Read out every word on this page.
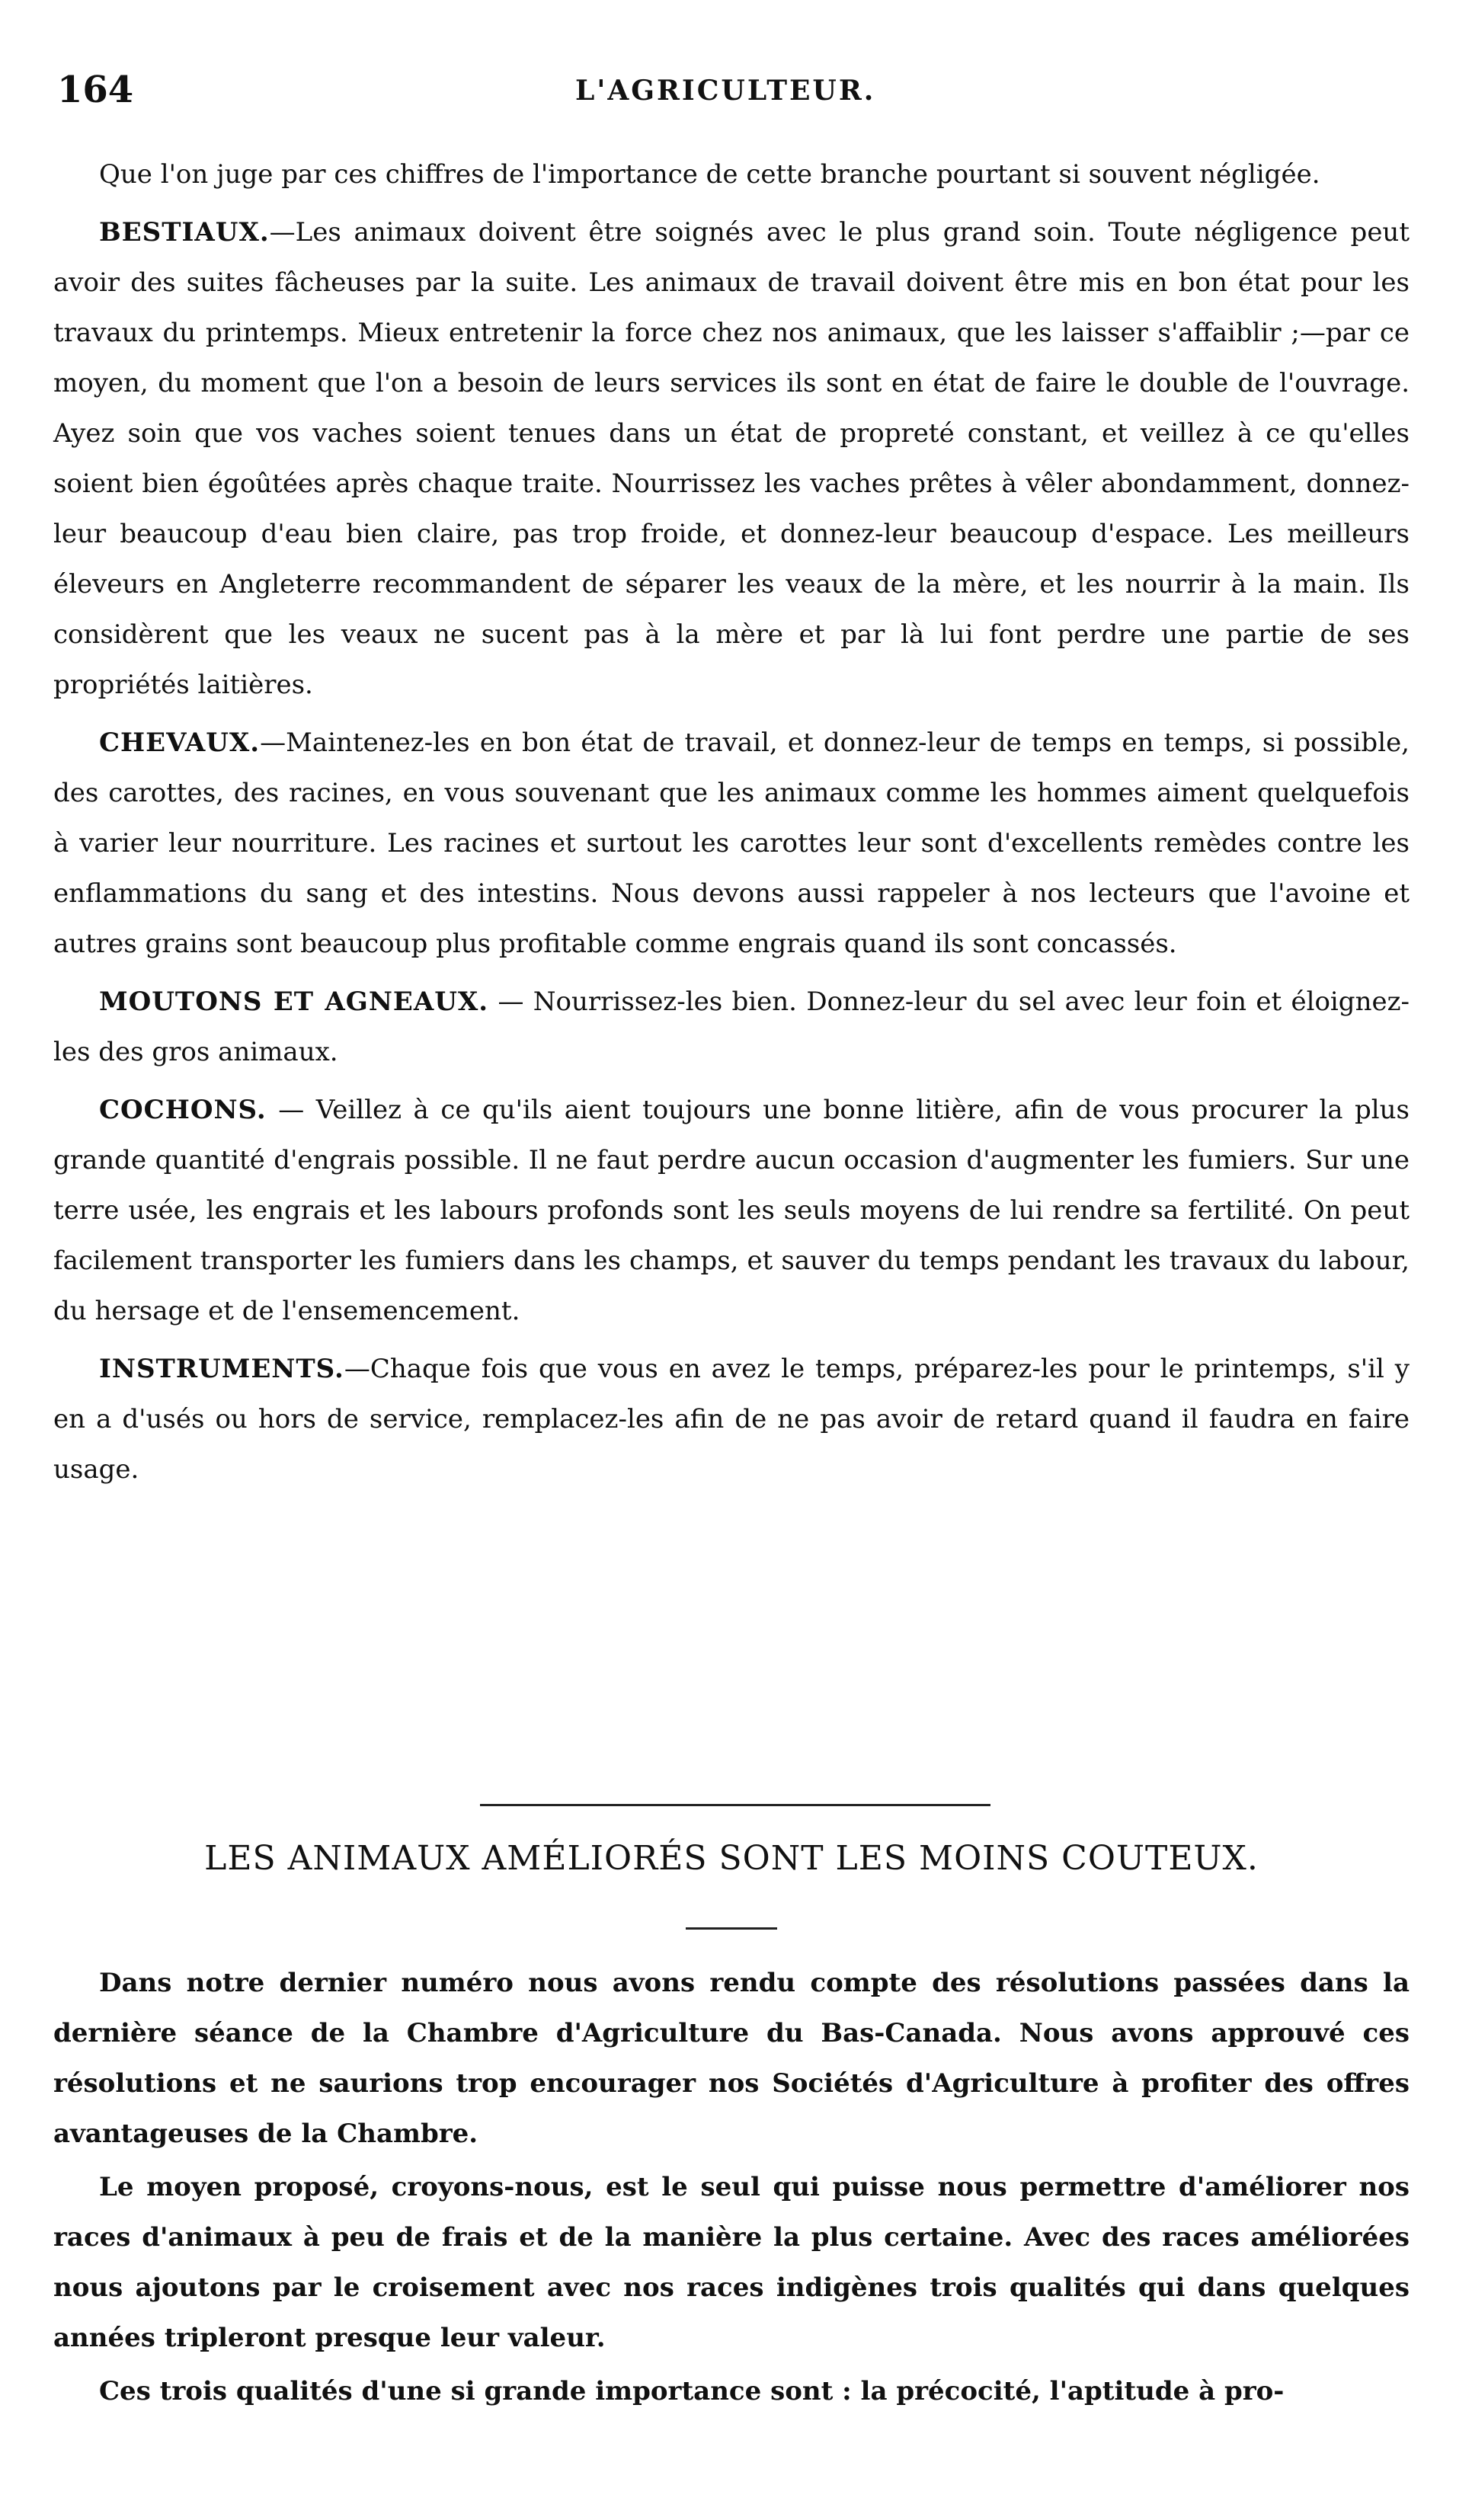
164	L'AGRICULTEUR.

Que l'on juge par ces chiffres de l'importance de cette branche pourtant si souvent négligée.

BESTIAUX.—Les animaux doivent être soignés avec le plus grand soin. Toute négligence peut avoir des suites fâcheuses par la suite. Les animaux de travail doivent être mis en bon état pour les travaux du printemps. Mieux entretenir la force chez nos animaux, que les laisser s'affaiblir ;—par ce moyen, du moment que l'on a besoin de leurs services ils sont en état de faire le double de l'ouvrage. Ayez soin que vos vaches soient tenues dans un état de propreté constant, et veillez à ce qu'elles soient bien égoûtées après chaque traite. Nourrissez les vaches prêtes à vêler abondamment, donnez-leur beaucoup d'eau bien claire, pas trop froide, et donnez-leur beaucoup d'espace. Les meilleurs éleveurs en Angleterre recommandent de séparer les veaux de la mère, et les nourrir à la main. Ils considèrent que les veaux ne sucent pas à la mère et par là lui font perdre une partie de ses propriétés laitières.

CHEVAUX.—Maintenez-les en bon état de travail, et donnez-leur de temps en temps, si possible, des carottes, des racines, en vous souvenant que les animaux comme les hommes aiment quelquefois à varier leur nourriture. Les racines et surtout les carottes leur sont d'excellents remèdes contre les enflammations du sang et des intestins. Nous devons aussi rappeler à nos lecteurs que l'avoine et autres grains sont beaucoup plus profitable comme engrais quand ils sont concassés.

MOUTONS ET AGNEAUX. — Nourrissez-les bien. Donnez-leur du sel avec leur foin et éloignez-les des gros animaux.

COCHONS. — Veillez à ce qu'ils aient toujours une bonne litière, afin de vous procurer la plus grande quantité d'engrais possible. Il ne faut perdre aucun occasion d'augmenter les fumiers. Sur une terre usée, les engrais et les labours profonds sont les seuls moyens de lui rendre sa fertilité. On peut facilement transporter les fumiers dans les champs, et sauver du temps pendant les travaux du labour, du hersage et de l'ensemencement.

INSTRUMENTS.—Chaque fois que vous en avez le temps, préparez-les pour le printemps, s'il y en a d'usés ou hors de service, remplacez-les afin de ne pas avoir de retard quand il faudra en faire usage.

LES ANIMAUX AMÉLIORÉS SONT LES MOINS COUTEUX.

Dans notre dernier numéro nous avons rendu compte des résolutions passées dans la dernière séance de la Chambre d'Agriculture du Bas-Canada. Nous avons approuvé ces résolutions et ne saurions trop encourager nos Sociétés d'Agriculture à profiter des offres avantageuses de la Chambre.

Le moyen proposé, croyons-nous, est le seul qui puisse nous permettre d'améliorer nos races d'animaux à peu de frais et de la manière la plus certaine. Avec des races améliorées nous ajoutons par le croisement avec nos races indigènes trois qualités qui dans quelques années tripleront presque leur valeur.

Ces trois qualités d'une si grande importance sont : la précocité, l'aptitude à pro-
